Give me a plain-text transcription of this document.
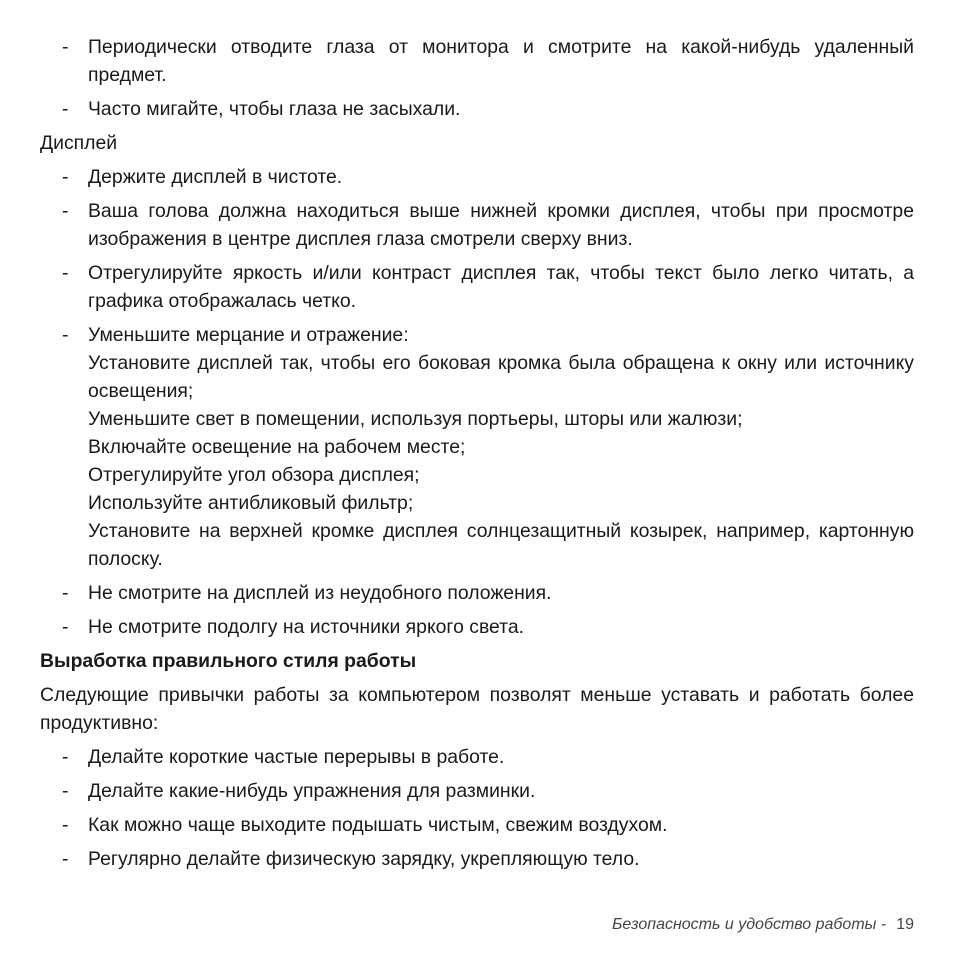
- Периодически отводите глаза от монитора и смотрите на какой-нибудь удаленный предмет.
- Часто мигайте, чтобы глаза не засыхали.

Дисплей

- Держите дисплей в чистоте.
- Ваша голова должна находиться выше нижней кромки дисплея, чтобы при просмотре изображения в центре дисплея глаза смотрели сверху вниз.
- Отрегулируйте яркость и/или контраст дисплея так, чтобы текст было легко читать, а графика отображалась четко.
- Уменьшите мерцание и отражение:
Установите дисплей так, чтобы его боковая кромка была обращена к окну или источнику освещения;
Уменьшите свет в помещении, используя портьеры, шторы или жалюзи;
Включайте освещение на рабочем месте;
Отрегулируйте угол обзора дисплея;
Используйте антибликовый фильтр;
Установите на верхней кромке дисплея солнцезащитный козырек, например, картонную полоску.
- Не смотрите на дисплей из неудобного положения.
- Не смотрите подолгу на источники яркого света.

Выработка правильного стиля работы

Следующие привычки работы за компьютером позволят меньше уставать и работать более продуктивно:

- Делайте короткие частые перерывы в работе.
- Делайте какие-нибудь упражнения для разминки.
- Как можно чаще выходите подышать чистым, свежим воздухом.
- Регулярно делайте физическую зарядку, укрепляющую тело.
Безопасность и удобство работы - 19
